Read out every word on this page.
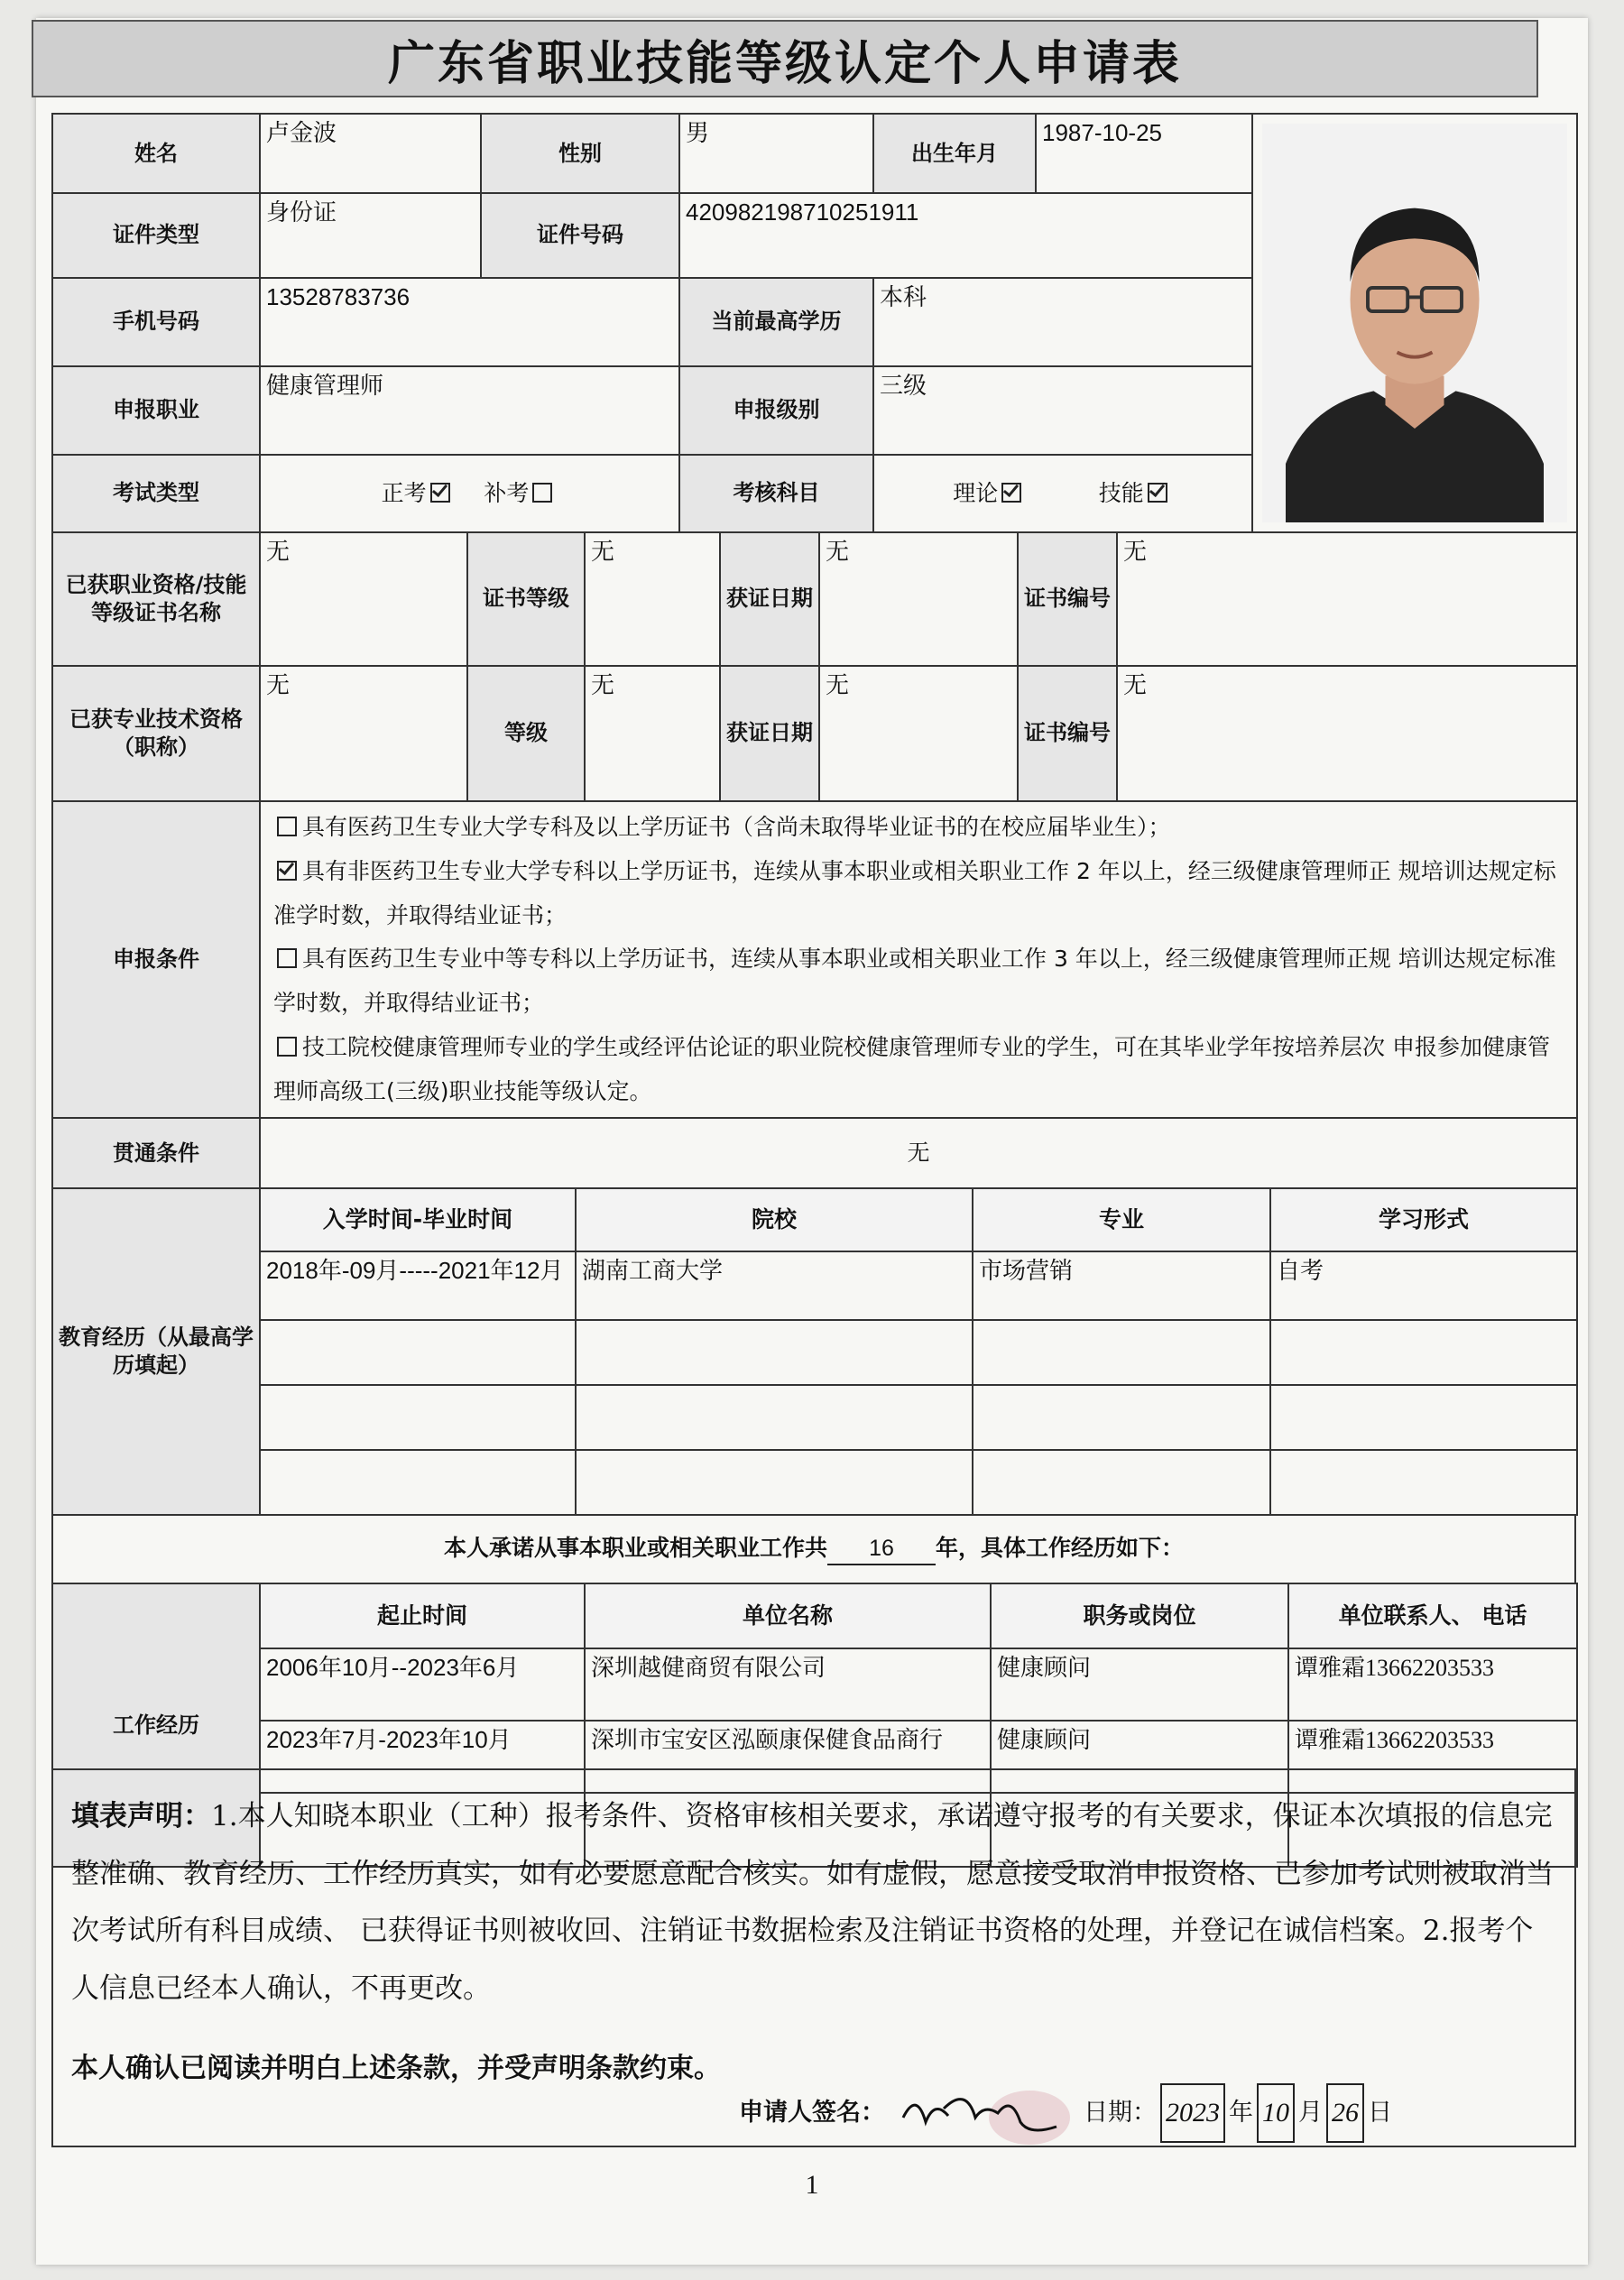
广东省职业技能等级认定个人申请表
姓名	卢金波	性别	男	出生年月	1987-10-25	

证件类型	身份证	证件号码	420982198710251911			
手机号码	13528783736		当前最高学历	本科		
申报职业	健康管理师		申报级别	三级		
考试类型	正考 补考		考核科目	理论 技能		
已获职业资格/技能等级证书名称	无	证书等级	无	获证日期	无	证书编号	无
已获专业技术资格（职称）	无	等级	无	获证日期	无	证书编号	无
申报条件	具有医药卫生专业大学专科及以上学历证书（含尚未取得毕业证书的在校应届毕业生）；
具有非医药卫生专业大学专科以上学历证书，连续从事本职业或相关职业工作 2 年以上，经三级健康管理师正 规培训达规定标准学时数，并取得结业证书；
具有医药卫生专业中等专科以上学历证书，连续从事本职业或相关职业工作 3 年以上，经三级健康管理师正规 培训达规定标准学时数，并取得结业证书；
技工院校健康管理师专业的学生或经评估论证的职业院校健康管理师专业的学生，可在其毕业学年按培养层次 申报参加健康管理师高级工(三级)职业技能等级认定。

贯通条件	无
教育经历（从最高学历填起）	入学时间-毕业时间	院校	专业	学习形式
	2018年-09月-----2021年12月	湖南工商大学	市场营销	自考

本人承诺从事本职业或相关职业工作共 16 年，具体工作经历如下：
工作经历	起止时间	单位名称	职务或岗位	单位联系人、 电话
	2006年10月--2023年6月	深圳越健商贸有限公司	健康顾问	谭雅霜13662203533
	2023年7月-2023年10月	深圳市宝安区泓颐康保健食品商行	健康顾问	谭雅霜13662203533

填表声明：1.本人知晓本职业（工种）报考条件、资格审核相关要求，承诺遵守报考的有关要求，保证本次填报的信息完整准确、教育经历、工作经历真实，如有必要愿意配合核实。如有虚假，愿意接受取消申报资格、已参加考试则被取消当次考试所有科目成绩、 已获得证书则被收回、注销证书数据检索及注销证书资格的处理，并登记在诚信档案。2.报考个人信息已经本人确认，不再更改。
本人确认已阅读并明白上述条款，并受声明条款约束。
申请人签名：	日期： 2023 年 10 月 26 日
1
